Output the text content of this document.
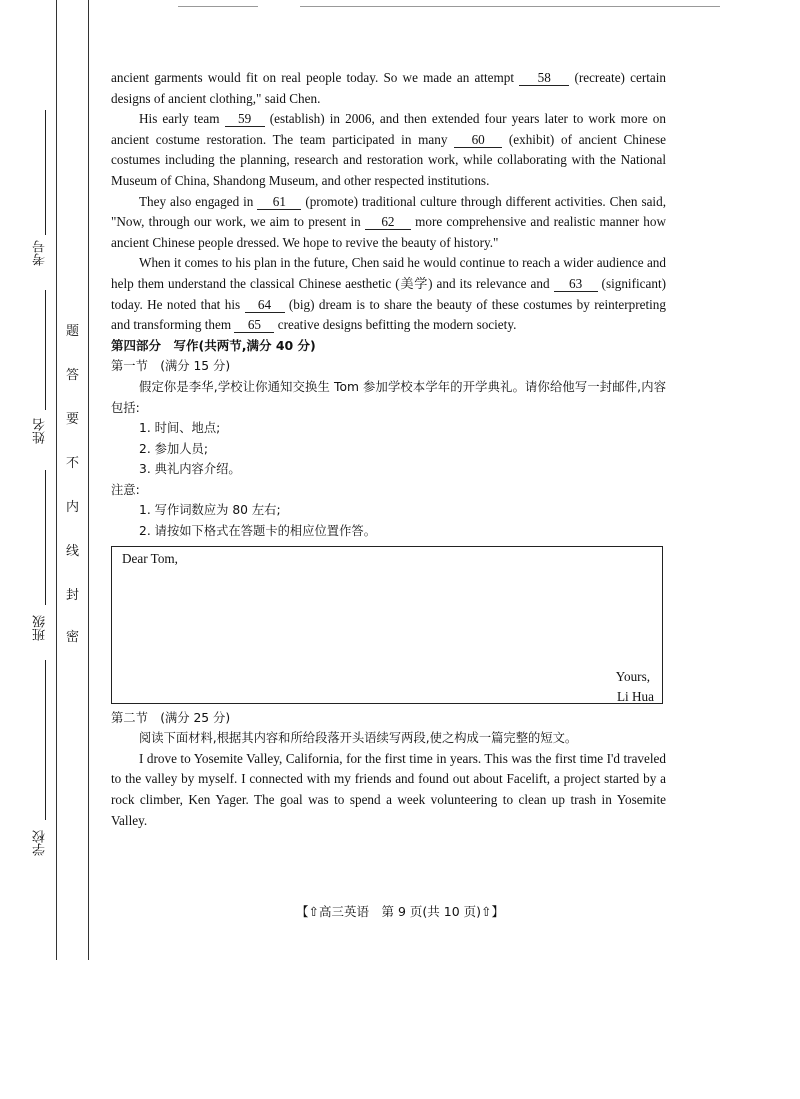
考号
姓名
班级
学校
题
答
要
不
内
线
封
密

ancient garments would fit on real people today. So we made an attempt 58 (recreate) certain designs of ancient clothing," said Chen.

His early team 59 (establish) in 2006, and then extended four years later to work more on ancient costume restoration. The team participated in many 60 (exhibit) of ancient Chinese costumes including the planning, research and restoration work, while collaborating with the National Museum of China, Shandong Museum, and other respected institutions.

They also engaged in 61 (promote) traditional culture through different activities. Chen said, "Now, through our work, we aim to present in 62 more comprehensive and realistic manner how ancient Chinese people dressed. We hope to revive the beauty of history."

When it comes to his plan in the future, Chen said he would continue to reach a wider audience and help them understand the classical Chinese aesthetic (美学) and its relevance and 63 (significant) today. He noted that his 64 (big) dream is to share the beauty of these costumes by reinterpreting and transforming them 65 creative designs befitting the modern society.

第四部分　写作(共两节,满分 40 分)

第一节　(满分 15 分)

假定你是李华,学校让你通知交换生 Tom 参加学校本学年的开学典礼。请你给他写一封邮件,内容包括:

1. 时间、地点;

2. 参加人员;

3. 典礼内容介绍。

注意:

1. 写作词数应为 80 左右;

2. 请按如下格式在答题卡的相应位置作答。

Dear Tom,
Yours,
Li Hua

第二节　(满分 25 分)

阅读下面材料,根据其内容和所给段落开头语续写两段,使之构成一篇完整的短文。

I drove to Yosemite Valley, California, for the first time in years. This was the first time I'd traveled to the valley by myself. I connected with my friends and found out about Facelift, a project started by a rock climber, Ken Yager. The goal was to spend a week volunteering to clean up trash in Yosemite Valley.

【⇧高三英语　第 9 页(共 10 页)⇧】
